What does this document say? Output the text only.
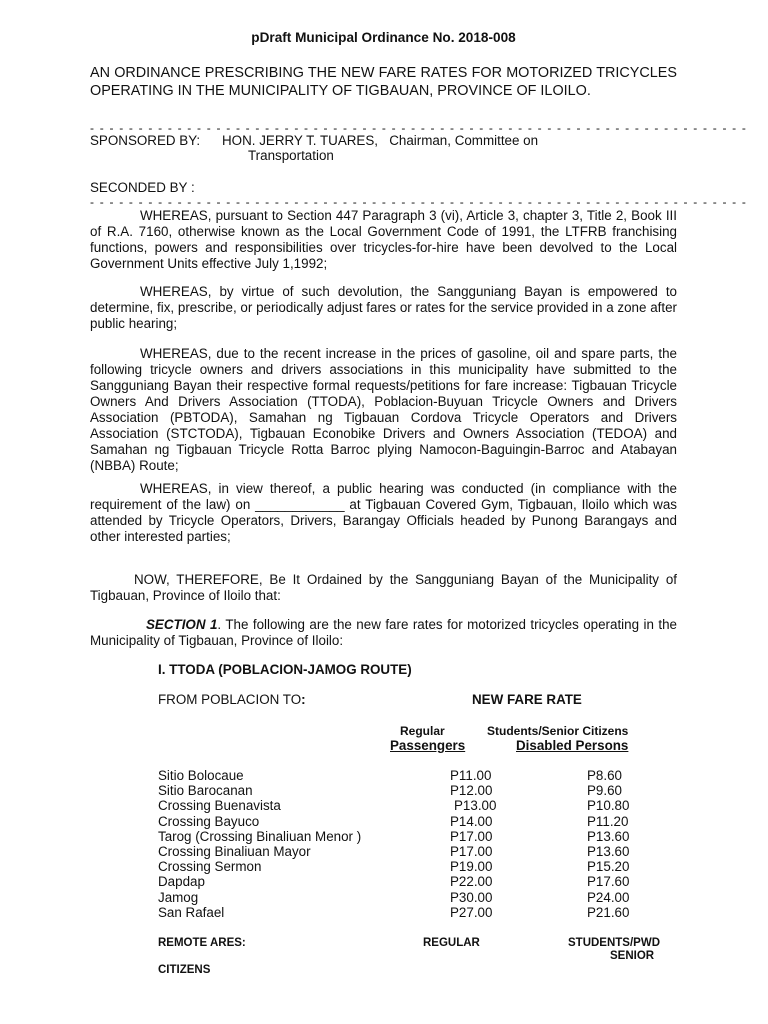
pDraft Municipal Ordinance No. 2018-008
AN ORDINANCE PRESCRIBING THE NEW FARE RATES FOR MOTORIZED TRICYCLES OPERATING IN THE MUNICIPALITY OF TIGBAUAN, PROVINCE OF ILOILO.
- - - - - - - - - - - - - - - - - - - - - - - - - - - - - - - - - - - - - - - - - - - - - - - - - - - - - - - - - - - - - - - - - - - -
SPONSORED BY: HON. JERRY T. TUARES, Chairman, Committee on
Transportation
SECONDED BY :
- - - - - - - - - - - - - - - - - - - - - - - - - - - - - - - - - - - - - - - - - - - - - - - - - - - - - - - - - - - - - - - - - - - -
WHEREAS, pursuant to Section 447 Paragraph 3 (vi), Article 3, chapter 3, Title 2, Book III of R.A. 7160, otherwise known as the Local Government Code of 1991, the LTFRB franchising functions, powers and responsibilities over tricycles-for-hire have been devolved to the Local Government Units effective July 1,1992;
WHEREAS, by virtue of such devolution, the Sangguniang Bayan is empowered to determine, fix, prescribe, or periodically adjust fares or rates for the service provided in a zone after public hearing;
WHEREAS, due to the recent increase in the prices of gasoline, oil and spare parts, the following tricycle owners and drivers associations in this municipality have submitted to the Sangguniang Bayan their respective formal requests/petitions for fare increase: Tigbauan Tricycle Owners And Drivers Association (TTODA), Poblacion-Buyuan Tricycle Owners and Drivers Association (PBTODA), Samahan ng Tigbauan Cordova Tricycle Operators and Drivers Association (STCTODA), Tigbauan Econobike Drivers and Owners Association (TEDOA) and Samahan ng Tigbauan Tricycle Rotta Barroc plying Namocon-Baguingin-Barroc and Atabayan (NBBA) Route;
WHEREAS, in view thereof, a public hearing was conducted (in compliance with the requirement of the law) on ____________ at Tigbauan Covered Gym, Tigbauan, Iloilo which was attended by Tricycle Operators, Drivers, Barangay Officials headed by Punong Barangays and other interested parties;
NOW, THEREFORE, Be It Ordained by the Sangguniang Bayan of the Municipality of Tigbauan, Province of Iloilo that:
SECTION 1. The following are the new fare rates for motorized tricycles operating in the Municipality of Tigbauan, Province of Iloilo:
I. TTODA (POBLACION-JAMOG ROUTE)
FROM POBLACION TO:	NEW FARE RATE
Regular	Students/Senior Citizens
Passengers	Disabled Persons
Sitio Bolocaue	P11.00	P8.60
Sitio Barocanan	P12.00	P9.60
Crossing Buenavista	P13.00	P10.80
Crossing Bayuco	P14.00	P11.20
Tarog (Crossing Binaliuan Menor )	P17.00	P13.60
Crossing Binaliuan Mayor	P17.00	P13.60
Crossing Sermon	P19.00	P15.20
Dapdap	P22.00	P17.60
Jamog	P30.00	P24.00
San Rafael	P27.00	P21.60
REMOTE ARES:	REGULAR	STUDENTS/PWD
SENIOR
CITIZENS
